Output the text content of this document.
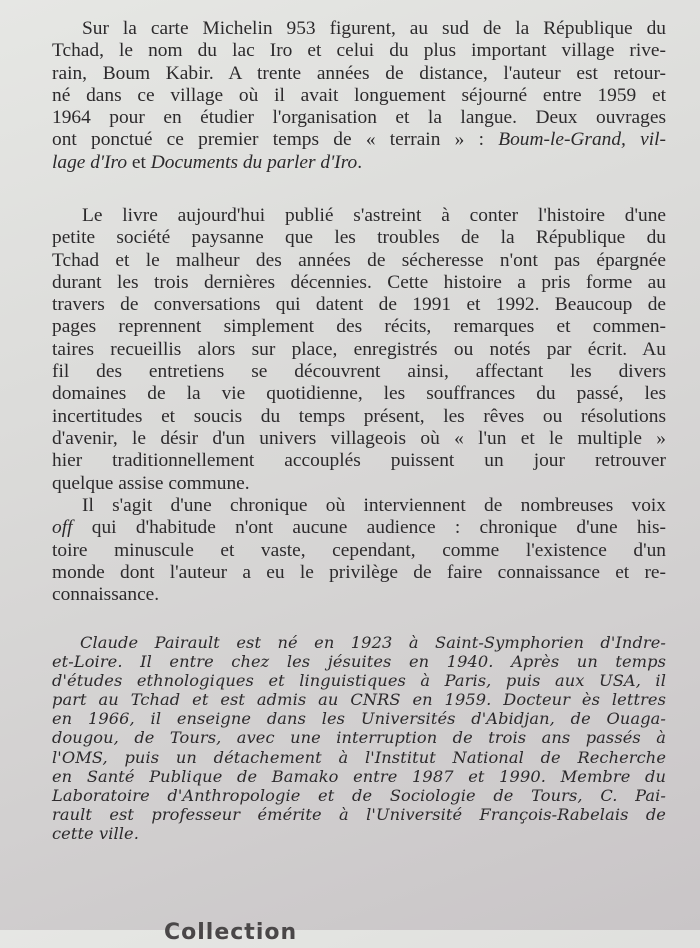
Sur la carte Michelin 953 figurent, au sud de la République du
Tchad, le nom du lac Iro et celui du plus important village rive-
rain, Boum Kabir. A trente années de distance, l'auteur est retour-
né dans ce village où il avait longuement séjourné entre 1959 et
1964 pour en étudier l'organisation et la langue. Deux ouvrages
ont ponctué ce premier temps de « terrain » : Boum-le-Grand, vil-
lage d'Iro et Documents du parler d'Iro.
Le livre aujourd'hui publié s'astreint à conter l'histoire d'une
petite société paysanne que les troubles de la République du
Tchad et le malheur des années de sécheresse n'ont pas épargnée
durant les trois dernières décennies. Cette histoire a pris forme au
travers de conversations qui datent de 1991 et 1992. Beaucoup de
pages reprennent simplement des récits, remarques et commen-
taires recueillis alors sur place, enregistrés ou notés par écrit. Au
fil des entretiens se découvrent ainsi, affectant les divers
domaines de la vie quotidienne, les souffrances du passé, les
incertitudes et soucis du temps présent, les rêves ou résolutions
d'avenir, le désir d'un univers villageois où « l'un et le multiple »
hier traditionnellement accouplés puissent un jour retrouver
quelque assise commune.
Il s'agit d'une chronique où interviennent de nombreuses voix
off qui d'habitude n'ont aucune audience : chronique d'une his-
toire minuscule et vaste, cependant, comme l'existence d'un
monde dont l'auteur a eu le privilège de faire connaissance et re-
connaissance.
Claude Pairault est né en 1923 à Saint-Symphorien d'Indre-
et-Loire. Il entre chez les jésuites en 1940. Après un temps
d'études ethnologiques et linguistiques à Paris, puis aux USA, il
part au Tchad et est admis au CNRS en 1959. Docteur ès lettres
en 1966, il enseigne dans les Universités d'Abidjan, de Ouaga-
dougou, de Tours, avec une interruption de trois ans passés à
l'OMS, puis un détachement à l'Institut National de Recherche
en Santé Publique de Bamako entre 1987 et 1990. Membre du
Laboratoire d'Anthropologie et de Sociologie de Tours, C. Pai-
rault est professeur émérite à l'Université François-Rabelais de
cette ville.
Collection
